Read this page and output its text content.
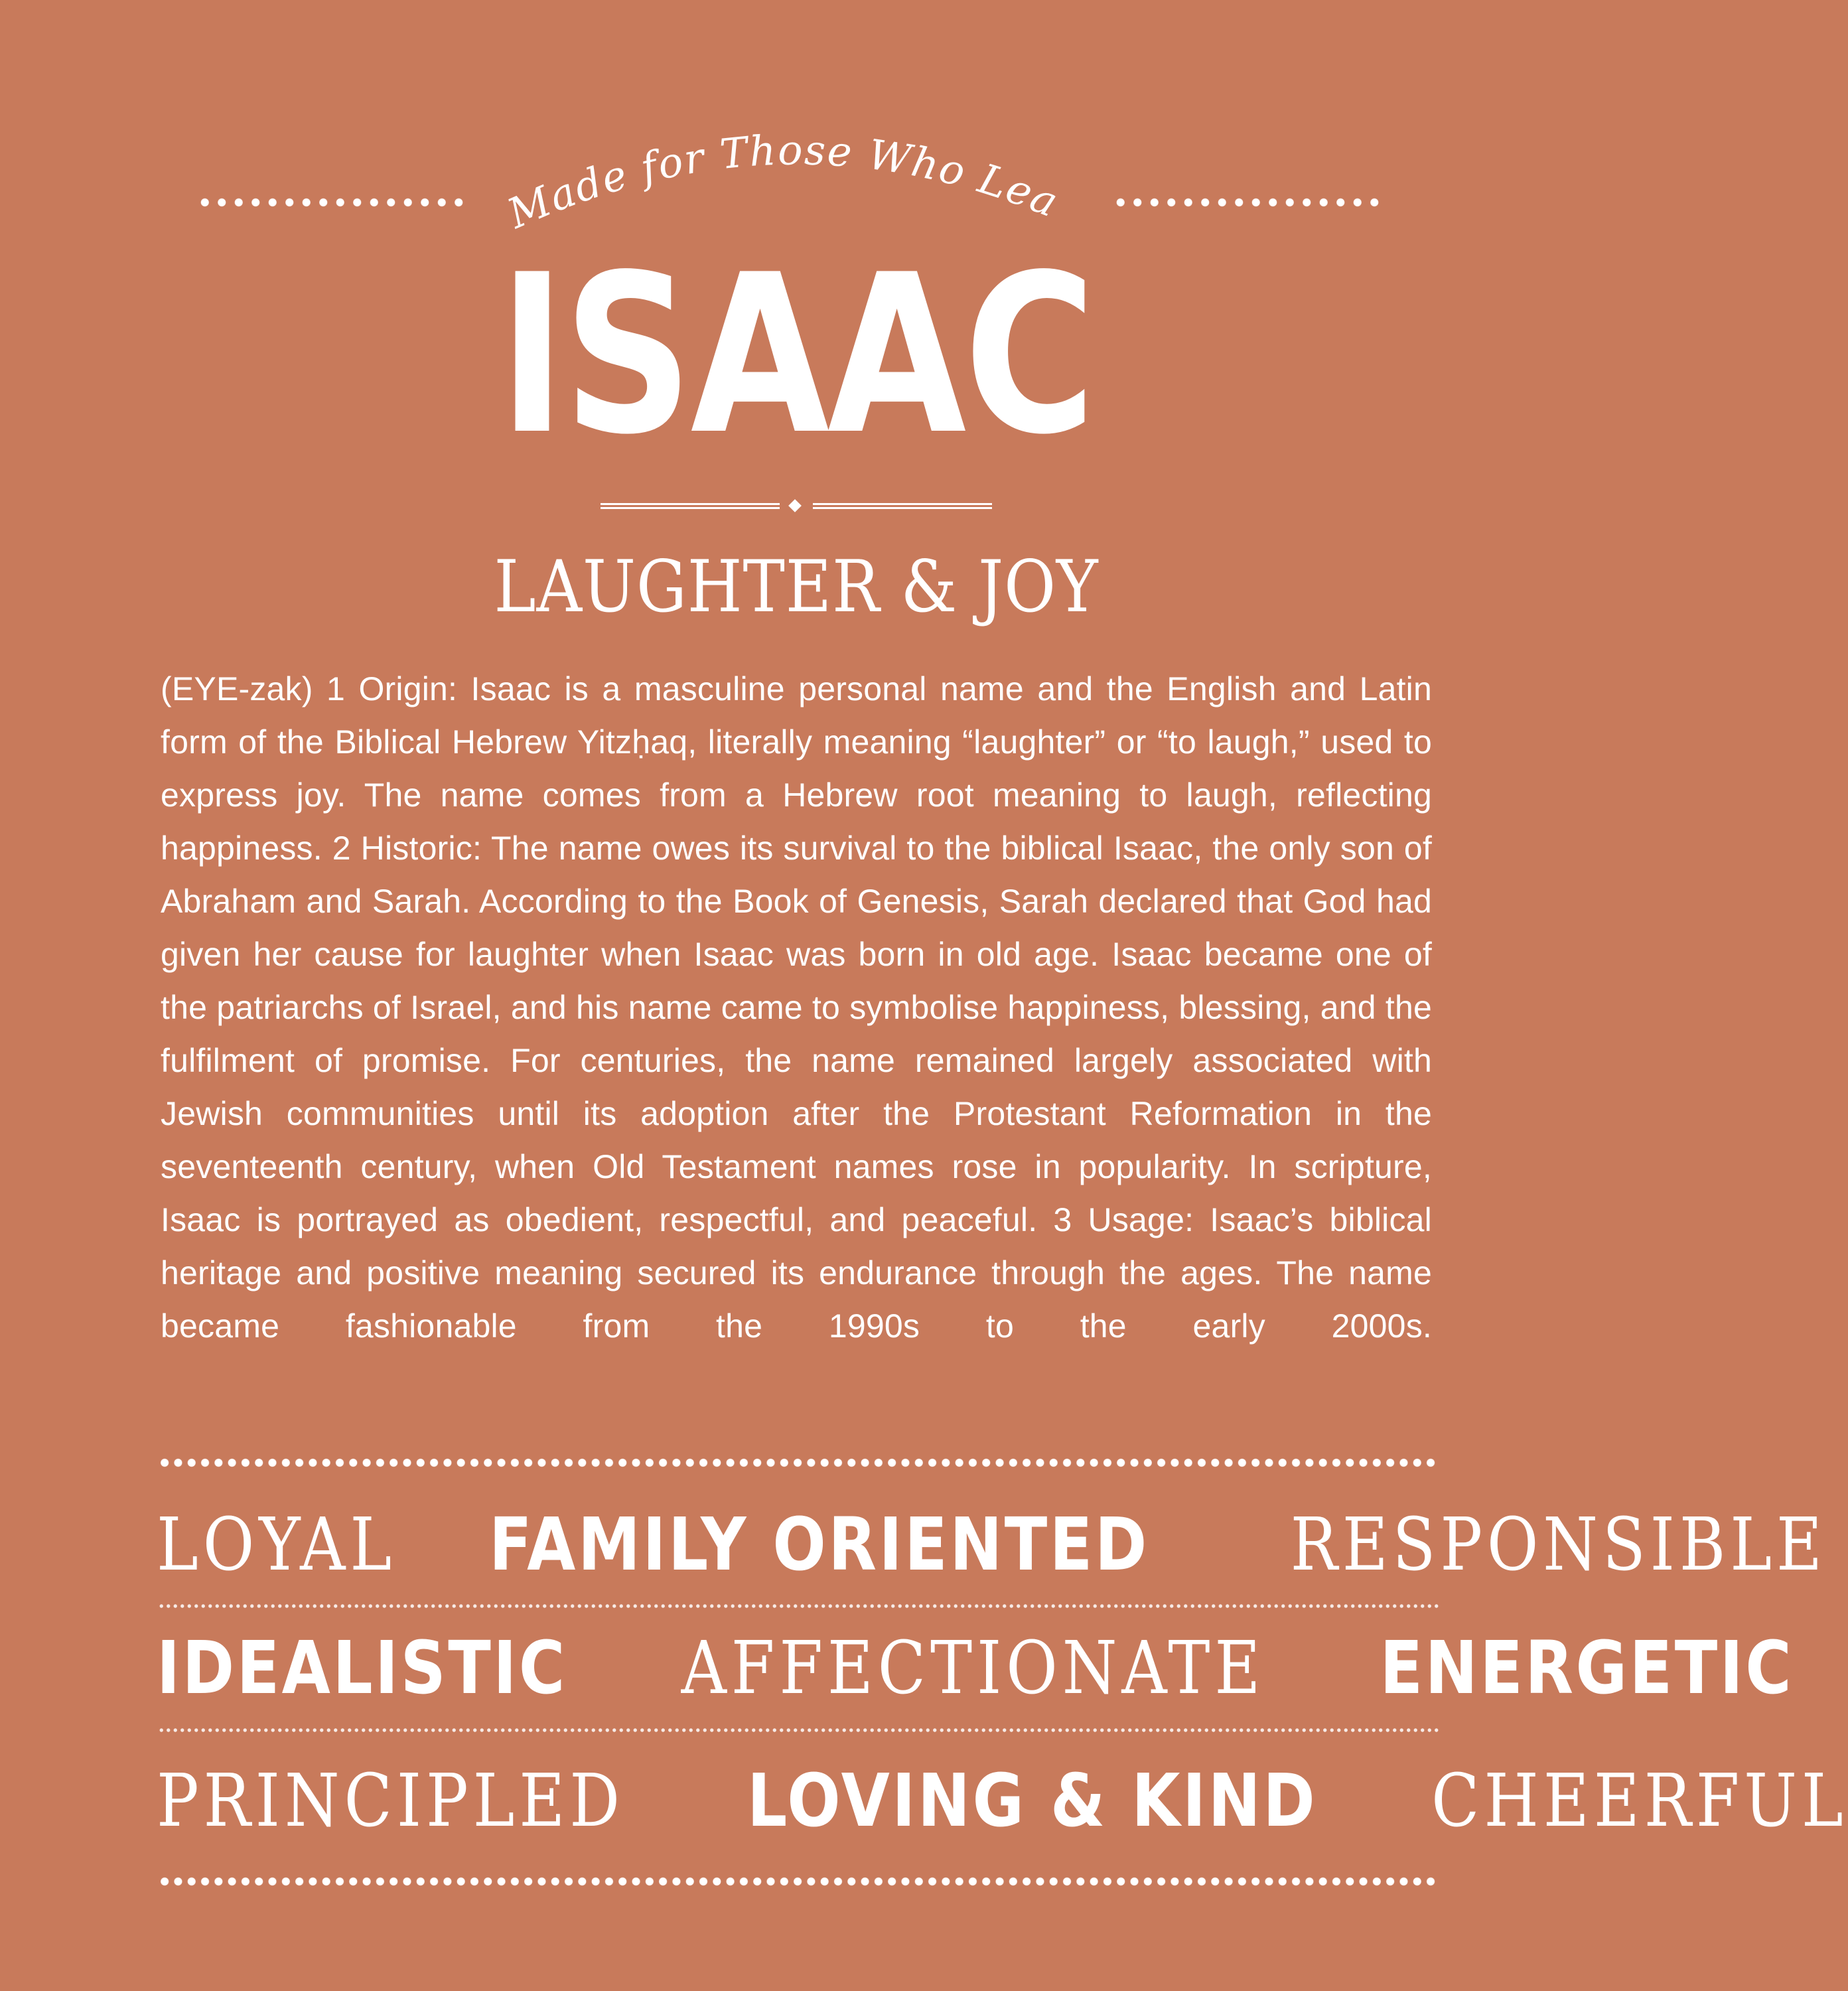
Made for Those Who Lead
ISAAC
LAUGHTER & JOY

(EYE-zak) 1 Origin: Isaac is a masculine personal name and the English and Latin form of the Biblical Hebrew Yitzḥaq, literally meaning “laughter” or “to laugh,” used to express joy. The name comes from a Hebrew root meaning to laugh, reflecting happiness. 2 Historic: The name owes its survival to the biblical Isaac, the only son of Abraham and Sarah. According to the Book of Genesis, Sarah declared that God had given her cause for laughter when Isaac was born in old age. Isaac became one of the patriarchs of Israel, and his name came to symbolise happiness, blessing, and the fulfilment of promise. For centuries, the name remained largely associated with Jewish communities until its adoption after the Protestant Reformation in the seventeenth century, when Old Testament names rose in popularity. In scripture, Isaac is portrayed as obedient, respectful, and peaceful. 3 Usage: Isaac’s biblical heritage and positive meaning secured its endurance through the ages. The name became fashionable from the 1990s to the early 2000s.

LOYAL FAMILY ORIENTED RESPONSIBLE
IDEALISTIC AFFECTIONATE ENERGETIC
PRINCIPLED LOVING & KIND CHEERFUL
